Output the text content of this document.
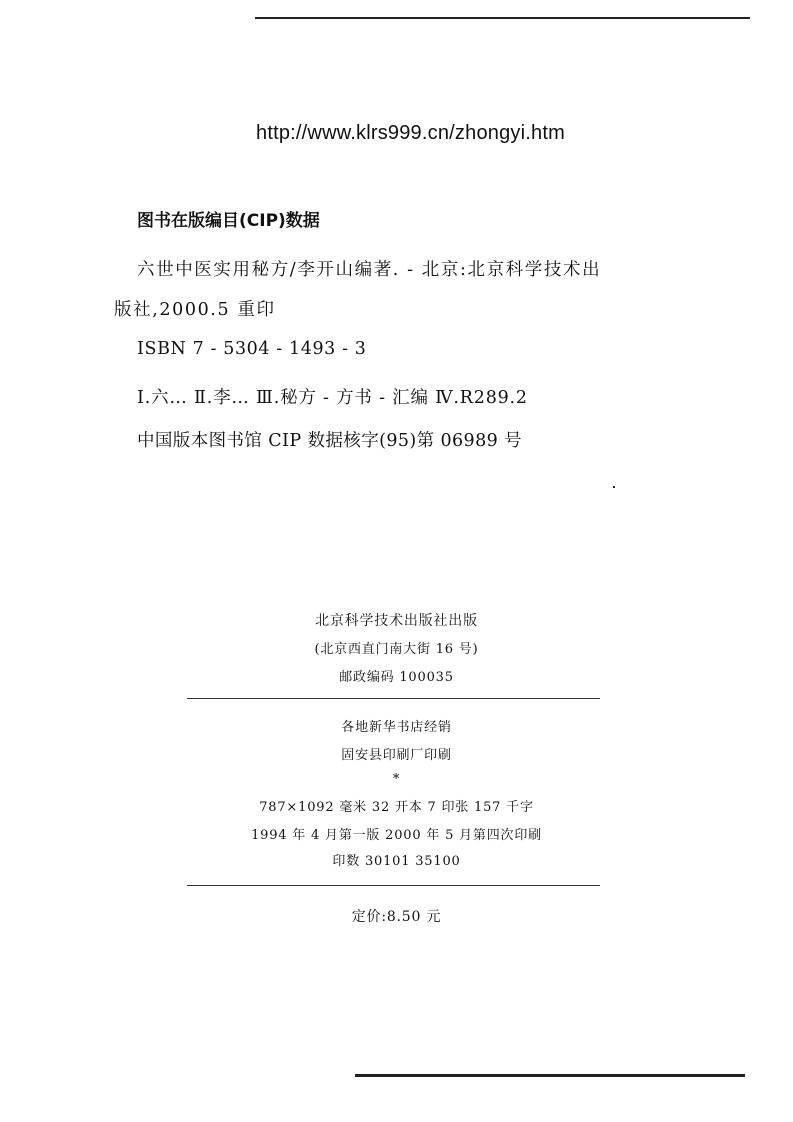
http://www.klrs999.cn/zhongyi.htm
图书在版编目(CIP)数据
六世中医实用秘方/李开山编著. - 北京:北京科学技术出
版社,2000.5 重印
ISBN 7 - 5304 - 1493 - 3
Ⅰ.六… Ⅱ.李… Ⅲ.秘方 - 方书 - 汇编 Ⅳ.R289.2
中国版本图书馆 CIP 数据核字(95)第 06989 号
北京科学技术出版社出版
(北京西直门南大街 16 号)
邮政编码 100035
各地新华书店经销
固安县印刷厂印刷
*
787×1092 毫米 32 开本 7 印张 157 千字
1994 年 4 月第一版 2000 年 5 月第四次印刷
印数 30101 35100
定价:8.50 元
